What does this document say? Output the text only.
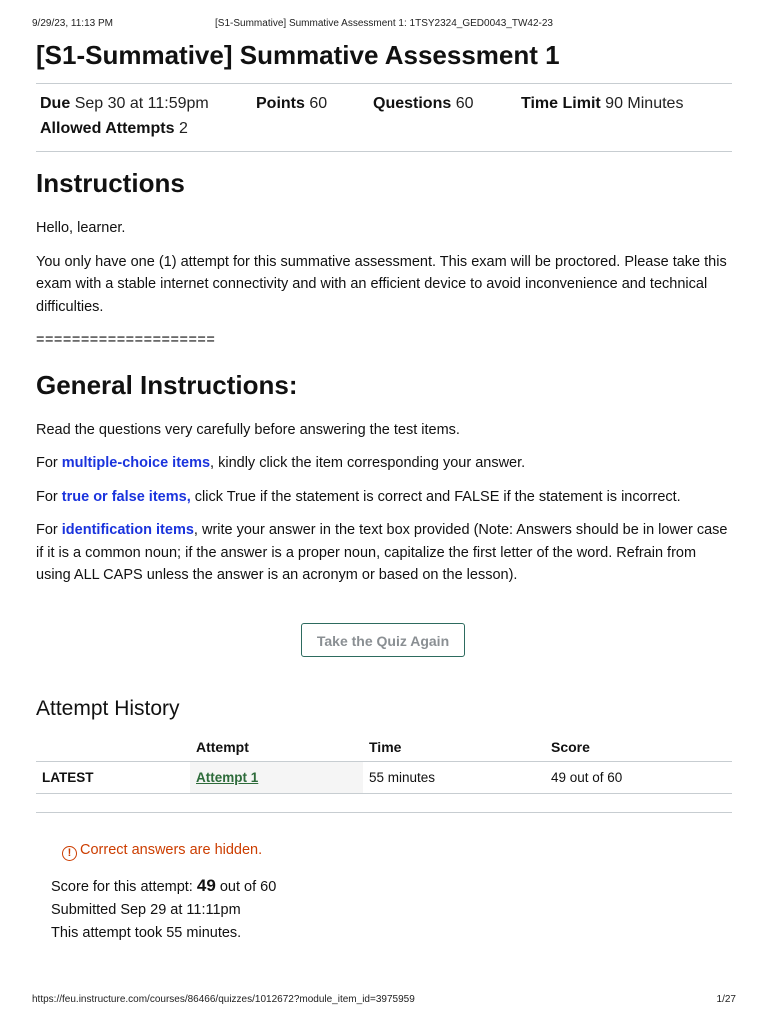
9/29/23, 11:13 PM	[S1-Summative] Summative Assessment 1: 1TSY2324_GED0043_TW42-23
[S1-Summative] Summative Assessment 1
Due Sep 30 at 11:59pm	Points 60	Questions 60	Time Limit 90 Minutes
Allowed Attempts 2
Instructions

Hello, learner.

You only have one (1) attempt for this summative assessment. This exam will be proctored. Please take this exam with a stable internet connectivity and with an efficient device to avoid inconvenience and technical difficulties.

====================

General Instructions:

Read the questions very carefully before answering the test items.

For multiple-choice items, kindly click the item corresponding your answer.

For true or false items, click True if the statement is correct and FALSE if the statement is incorrect.

For identification items, write your answer in the text box provided (Note: Answers should be in lower case if it is a common noun; if the answer is a proper noun, capitalize the first letter of the word. Refrain from using ALL CAPS unless the answer is an acronym or based on the lesson).

Take the Quiz Again
Attempt History
	Attempt	Time	Score
LATEST	Attempt 1	55 minutes	49 out of 60
! Correct answers are hidden.
Score for this attempt: 49 out of 60
Submitted Sep 29 at 11:11pm
This attempt took 55 minutes.
https://feu.instructure.com/courses/86466/quizzes/1012672?module_item_id=3975959	1/27
